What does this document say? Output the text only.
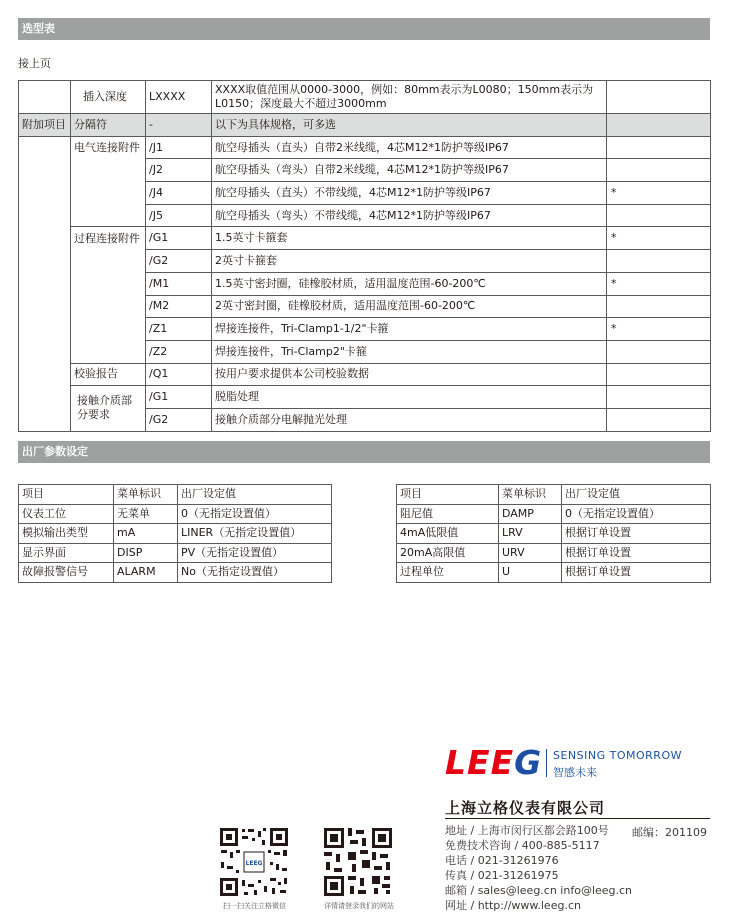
选型表
接上页
	插入深度	LXXXX	XXXX取值范围从0000-3000，例如：80mm表示为L0080；150mm表示为L0150；深度最大不超过3000mm	
附加项目	分隔符	-	以下为具体规格，可多选	
	电气连接附件	/J1	航空母插头（直头）自带2米线缆，4芯M12*1防护等级IP67	
		/J2	航空母插头（弯头）自带2米线缆，4芯M12*1防护等级IP67	
		/J4	航空母插头（直头）不带线缆，4芯M12*1防护等级IP67	*
		/J5	航空母插头（弯头）不带线缆，4芯M12*1防护等级IP67	
	过程连接附件	/G1	1.5英寸卡箍套	*
		/G2	2英寸卡箍套	
		/M1	1.5英寸密封圈，硅橡胶材质，适用温度范围-60-200℃	*
		/M2	2英寸密封圈，硅橡胶材质，适用温度范围-60-200℃	
		/Z1	焊接连接件，Tri-Clamp1-1/2"卡箍	*
		/Z2	焊接连接件，Tri-Clamp2"卡箍	
	校验报告	/Q1	按用户要求提供本公司校验数据	
	接触介质部分要求	/G1	脱脂处理	
		/G2	接触介质部分电解抛光处理	
出厂参数设定
项目	菜单标识	出厂设定值
仪表工位	无菜单	0（无指定设置值）
模拟输出类型	mA	LINER（无指定设置值）
显示界面	DISP	PV（无指定设置值）
故障报警信号	ALARM	No（无指定设置值）
项目	菜单标识	出厂设定值
阻尼值	DAMP	0（无指定设置值）
4mA低限值	LRV	根据订单设置
20mA高限值	URV	根据订单设置
过程单位	U	根据订单设置
LEEG SENSING TOMORROW
智感未来
上海立格仪表有限公司
地址 / 上海市闵行区都会路100号 邮编：201109
免费技术咨询 / 400-885-5117
电话 / 021-31261976
传真 / 021-31261975
邮箱 / sales@leeg.cn info@leeg.cn
网址 / http://www.leeg.cn
LEEG
扫一扫关注立格微信	详情请登录我们的网站
